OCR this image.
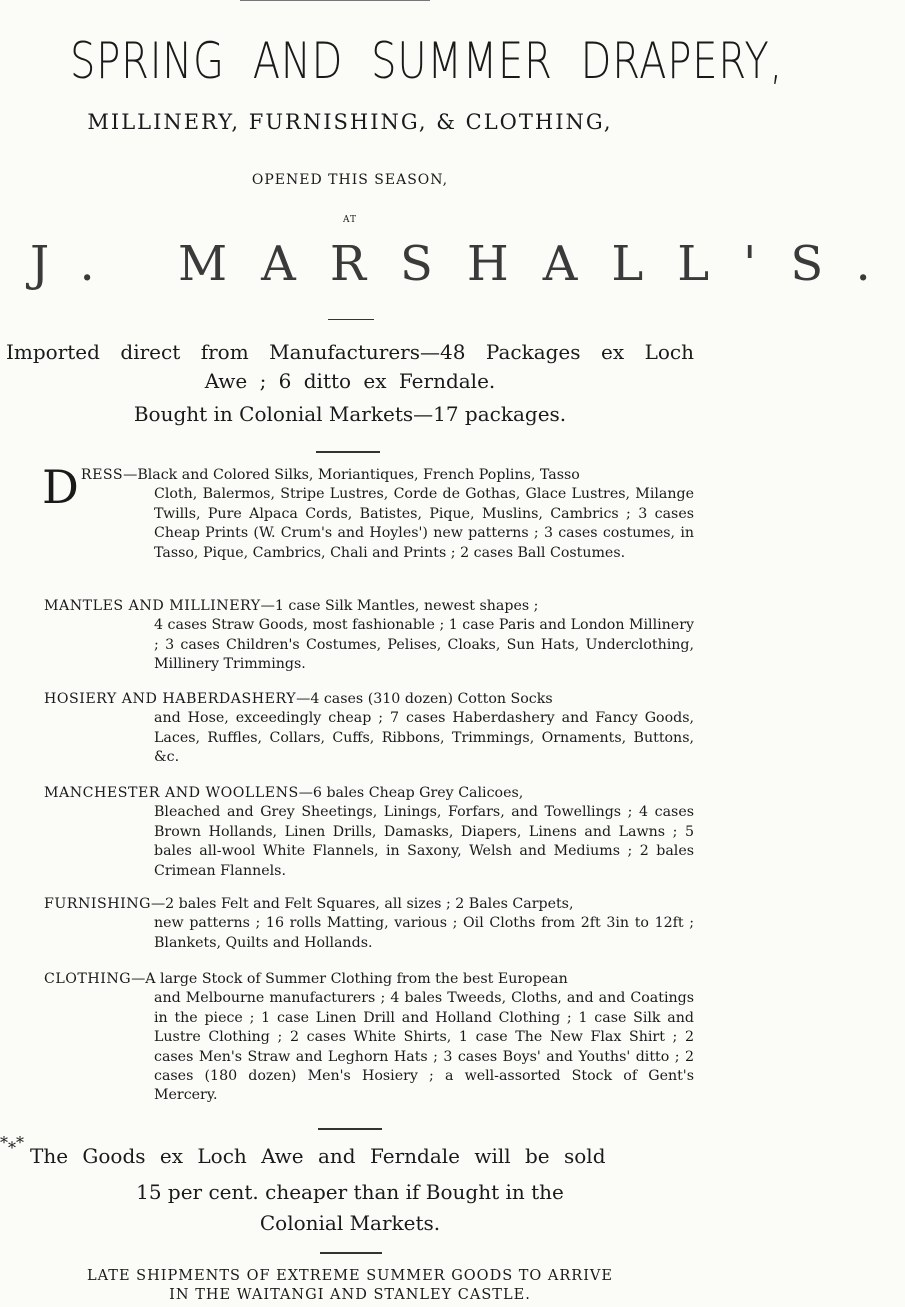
SPRING AND SUMMER DRAPERY,
MILLINERY, FURNISHING, & CLOTHING,
OPENED THIS SEASON,
AT
J. MARSHALL'S.
Imported direct from Manufacturers—48 Packages ex Loch Awe ; 6 ditto ex Ferndale.
Bought in Colonial Markets—17 packages.
D RESS—Black and Colored Silks, Moriantiques, French Poplins, Tasso
Cloth, Balermos, Stripe Lustres, Corde de Gothas, Glace Lustres, Milange Twills, Pure Alpaca Cords, Batistes, Pique, Muslins, Cambrics ; 3 cases Cheap Prints (W. Crum's and Hoyles') new patterns ; 3 cases costumes, in Tasso, Pique, Cambrics, Chali and Prints ; 2 cases Ball Costumes.
MANTLES AND MILLINERY—1 case Silk Mantles, newest shapes ;
4 cases Straw Goods, most fashionable ; 1 case Paris and London Millinery ; 3 cases Children's Costumes, Pelises, Cloaks, Sun Hats, Underclothing, Millinery Trimmings.
HOSIERY AND HABERDASHERY—4 cases (310 dozen) Cotton Socks
and Hose, exceedingly cheap ; 7 cases Haberdashery and Fancy Goods, Laces, Ruffles, Collars, Cuffs, Ribbons, Trimmings, Ornaments, Buttons, &c.
MANCHESTER AND WOOLLENS—6 bales Cheap Grey Calicoes,
Bleached and Grey Sheetings, Linings, Forfars, and Towellings ; 4 cases Brown Hollands, Linen Drills, Damasks, Diapers, Linens and Lawns ; 5 bales all-wool White Flannels, in Saxony, Welsh and Mediums ; 2 bales Crimean Flannels.
FURNISHING—2 bales Felt and Felt Squares, all sizes ; 2 Bales Carpets,
new patterns ; 16 rolls Matting, various ; Oil Cloths from 2ft 3in to 12ft ; Blankets, Quilts and Hollands.
CLOTHING—A large Stock of Summer Clothing from the best European
and Melbourne manufacturers ; 4 bales Tweeds, Cloths, and and Coatings in the piece ; 1 case Linen Drill and Holland Clothing ; 1 case Silk and Lustre Clothing ; 2 cases White Shirts, 1 case The New Flax Shirt ; 2 cases Men's Straw and Leghorn Hats ; 3 cases Boys' and Youths' ditto ; 2 cases (180 dozen) Men's Hosiery ; a well-assorted Stock of Gent's Mercery.
*⁎*
The Goods ex Loch Awe and Ferndale will be sold
15 per cent. cheaper than if Bought in the
Colonial Markets.
LATE SHIPMENTS OF EXTREME SUMMER GOODS TO ARRIVE
IN THE WAITANGI AND STANLEY CASTLE.
